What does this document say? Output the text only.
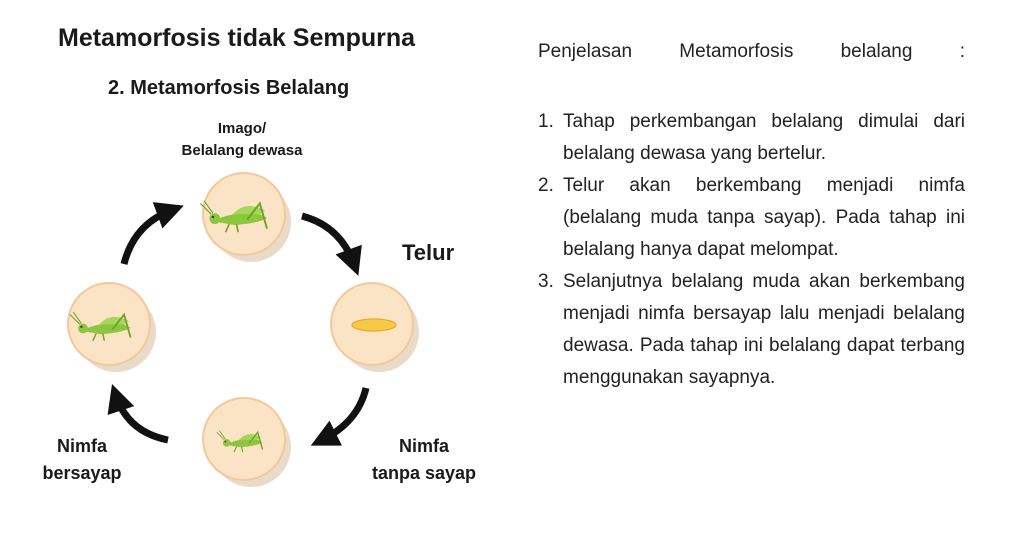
Metamorfosis tidak Sempurna
2. Metamorfosis Belalang
Imago/
Belalang dewasa
Telur
Nimfa
tanpa sayap
Nimfa
bersayap
Penjelasan Metamorfosis belalang :
1. Tahap perkembangan belalang dimulai dari belalang dewasa yang bertelur.
2. Telur akan berkembang menjadi nimfa (belalang muda tanpa sayap). Pada tahap ini belalang hanya dapat melompat.
3. Selanjutnya belalang muda akan berkembang menjadi nimfa bersayap lalu menjadi belalang dewasa. Pada tahap ini belalang dapat terbang menggunakan sayapnya.
